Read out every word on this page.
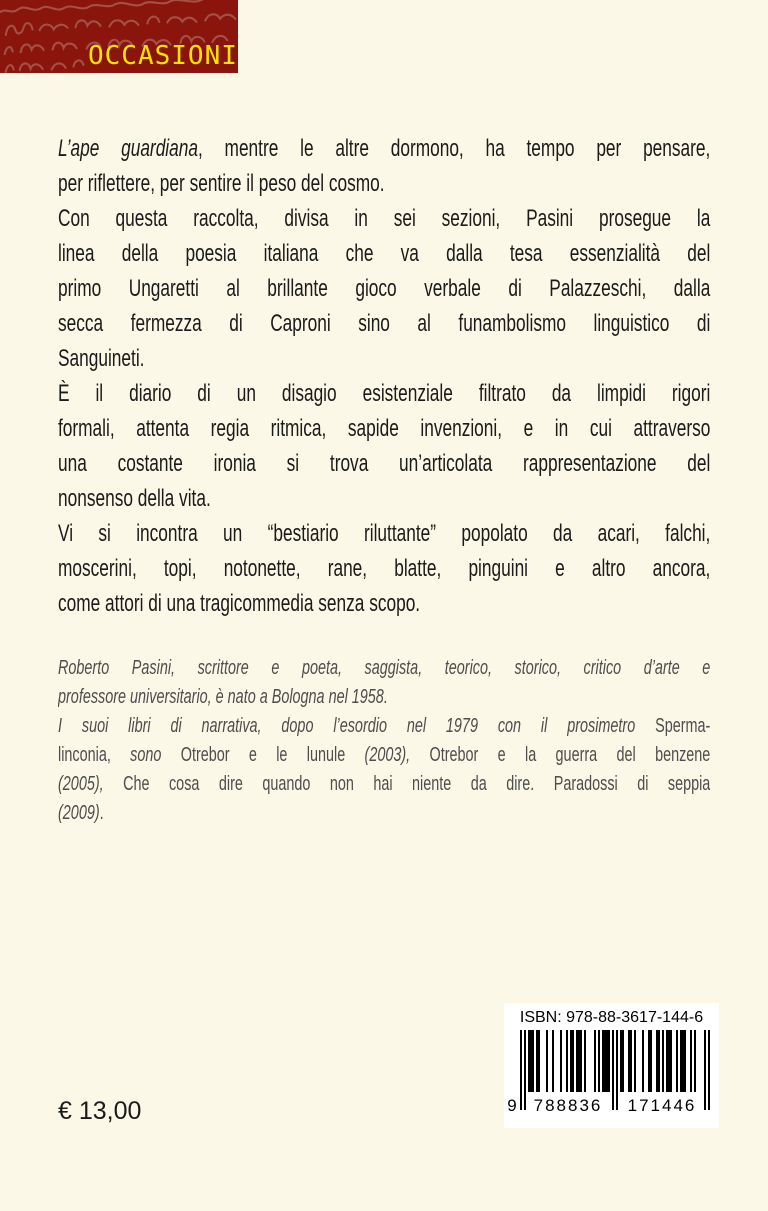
OCCASIONI
L’ape guardiana, mentre le altre dormono, ha tempo per pensare,
per riflettere, per sentire il peso del cosmo.
Con questa raccolta, divisa in sei sezioni, Pasini prosegue la
linea della poesia italiana che va dalla tesa essenzialità del
primo Ungaretti al brillante gioco verbale di Palazzeschi, dalla
secca fermezza di Caproni sino al funambolismo linguistico di
Sanguineti.
È il diario di un disagio esistenziale filtrato da limpidi rigori
formali, attenta regia ritmica, sapide invenzioni, e in cui attraverso
una costante ironia si trova un’articolata rappresentazione del
nonsenso della vita.
Vi si incontra un “bestiario riluttante” popolato da acari, falchi,
moscerini, topi, notonette, rane, blatte, pinguini e altro ancora,
come attori di una tragicommedia senza scopo.
Roberto Pasini, scrittore e poeta, saggista, teorico, storico, critico d’arte e
professore universitario, è nato a Bologna nel 1958.
I suoi libri di narrativa, dopo l’esordio nel 1979 con il prosimetro Sperma-
linconia, sono Otrebor e le lunule (2003), Otrebor e la guerra del benzene
(2005), Che cosa dire quando non hai niente da dire. Paradossi di seppia
(2009).
€ 13,00
ISBN: 978-88-3617-144-6
9 788836 171446
